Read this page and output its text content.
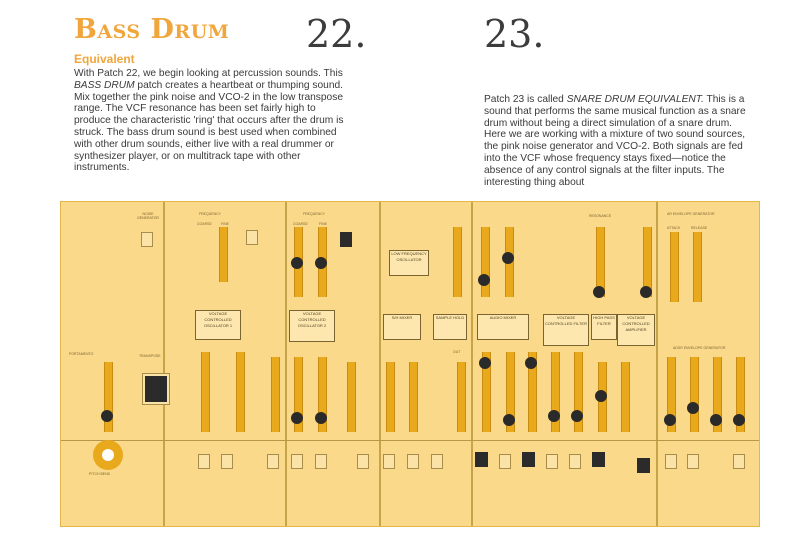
Bass Drum 22.	23.
Equivalent
With Patch 22, we begin looking at percussion sounds. This BASS DRUM patch creates a heartbeat or thumping sound. Mix together the pink noise and VCO-2 in the low transpose range. The VCF resonance has been set fairly high to produce the characteristic 'ring' that occurs after the drum is struck. The bass drum sound is best used when combined with other drum sounds, either live with a real drummer or synthesizer player, or on multitrack tape with other instruments.
Patch 23 is called SNARE DRUM EQUIVALENT. This is a sound that performs the same musical function as a snare drum without being a direct simulation of a snare drum. Here we are working with a mixture of two sound sources, the pink noise generator and VCO-2. Both signals are fed into the VCF whose frequency stays fixed—notice the absence of any control signals at the filter inputs. The interesting thing about
NOISE GENERATOR
PORTAMENTO	TRANSPOSE
PITCH BEND
FREQUENCY
COARSE	FINE
VOLTAGE CONTROLLED OSCILLATOR 1
FREQUENCY
COARSE	FINE
VOLTAGE CONTROLLED OSCILLATOR 2
LOW FREQUENCY OSCILLATOR
S/H MIXER	SAMPLE HOLD
OUT
RESONANCE
AUDIO MIXER	VOLTAGE CONTROLLED FILTER
HIGH PASS FILTER
VOLTAGE CONTROLLED AMPLIFIER
AR ENVELOPE GENERATOR
ATTACK	RELEASE
ADSR ENVELOPE GENERATOR
